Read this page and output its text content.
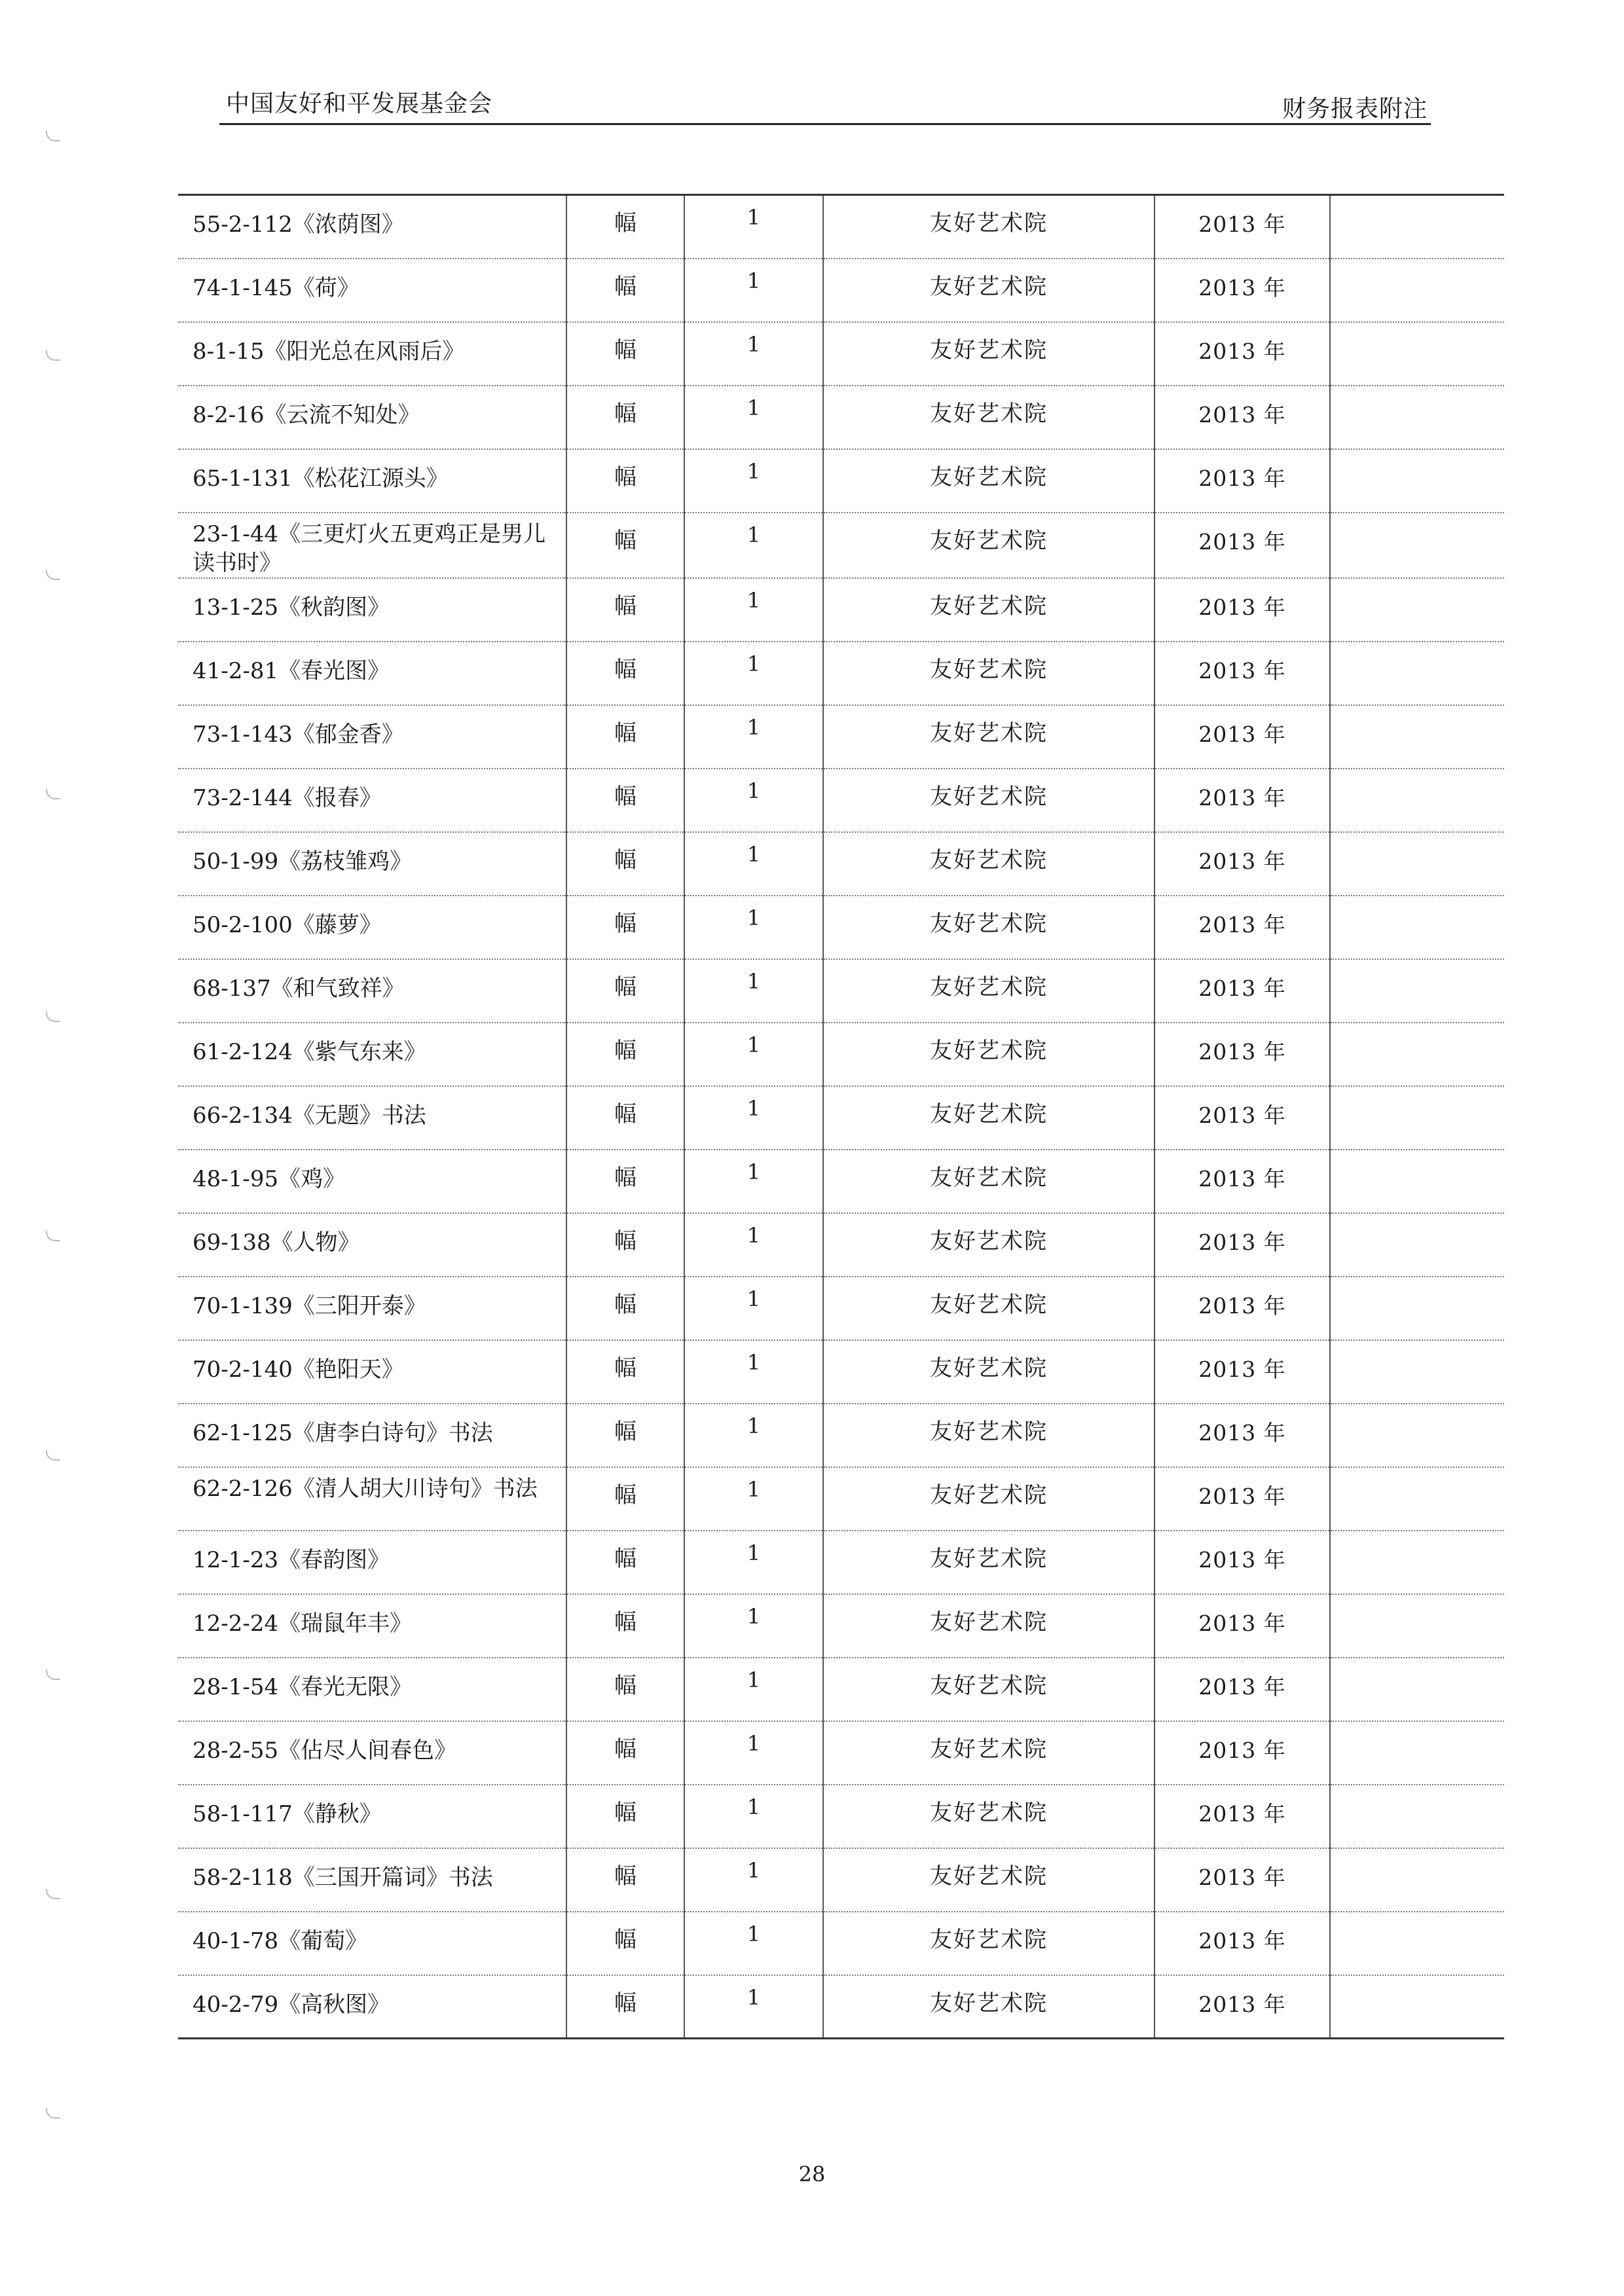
中国友好和平发展基金会	财务报表附注
55-2-112《浓荫图》	幅	1	友好艺术院	2013 年	
74-1-145《荷》	幅	1	友好艺术院	2013 年	
8-1-15《阳光总在风雨后》	幅	1	友好艺术院	2013 年	
8-2-16《云流不知处》	幅	1	友好艺术院	2013 年	
65-1-131《松花江源头》	幅	1	友好艺术院	2013 年	
23-1-44《三更灯火五更鸡正是男儿读书时》	幅	1	友好艺术院	2013 年	
13-1-25《秋韵图》	幅	1	友好艺术院	2013 年	
41-2-81《春光图》	幅	1	友好艺术院	2013 年	
73-1-143《郁金香》	幅	1	友好艺术院	2013 年	
73-2-144《报春》	幅	1	友好艺术院	2013 年	
50-1-99《荔枝雏鸡》	幅	1	友好艺术院	2013 年	
50-2-100《藤萝》	幅	1	友好艺术院	2013 年	
68-137《和气致祥》	幅	1	友好艺术院	2013 年	
61-2-124《紫气东来》	幅	1	友好艺术院	2013 年	
66-2-134《无题》书法	幅	1	友好艺术院	2013 年	
48-1-95《鸡》	幅	1	友好艺术院	2013 年	
69-138《人物》	幅	1	友好艺术院	2013 年	
70-1-139《三阳开泰》	幅	1	友好艺术院	2013 年	
70-2-140《艳阳天》	幅	1	友好艺术院	2013 年	
62-1-125《唐李白诗句》书法	幅	1	友好艺术院	2013 年	
62-2-126《清人胡大川诗句》书法	幅	1	友好艺术院	2013 年	
12-1-23《春韵图》	幅	1	友好艺术院	2013 年	
12-2-24《瑞鼠年丰》	幅	1	友好艺术院	2013 年	
28-1-54《春光无限》	幅	1	友好艺术院	2013 年	
28-2-55《佔尽人间春色》	幅	1	友好艺术院	2013 年	
58-1-117《静秋》	幅	1	友好艺术院	2013 年	
58-2-118《三国开篇词》书法	幅	1	友好艺术院	2013 年	
40-1-78《葡萄》	幅	1	友好艺术院	2013 年	
40-2-79《高秋图》	幅	1	友好艺术院	2013 年	
28
